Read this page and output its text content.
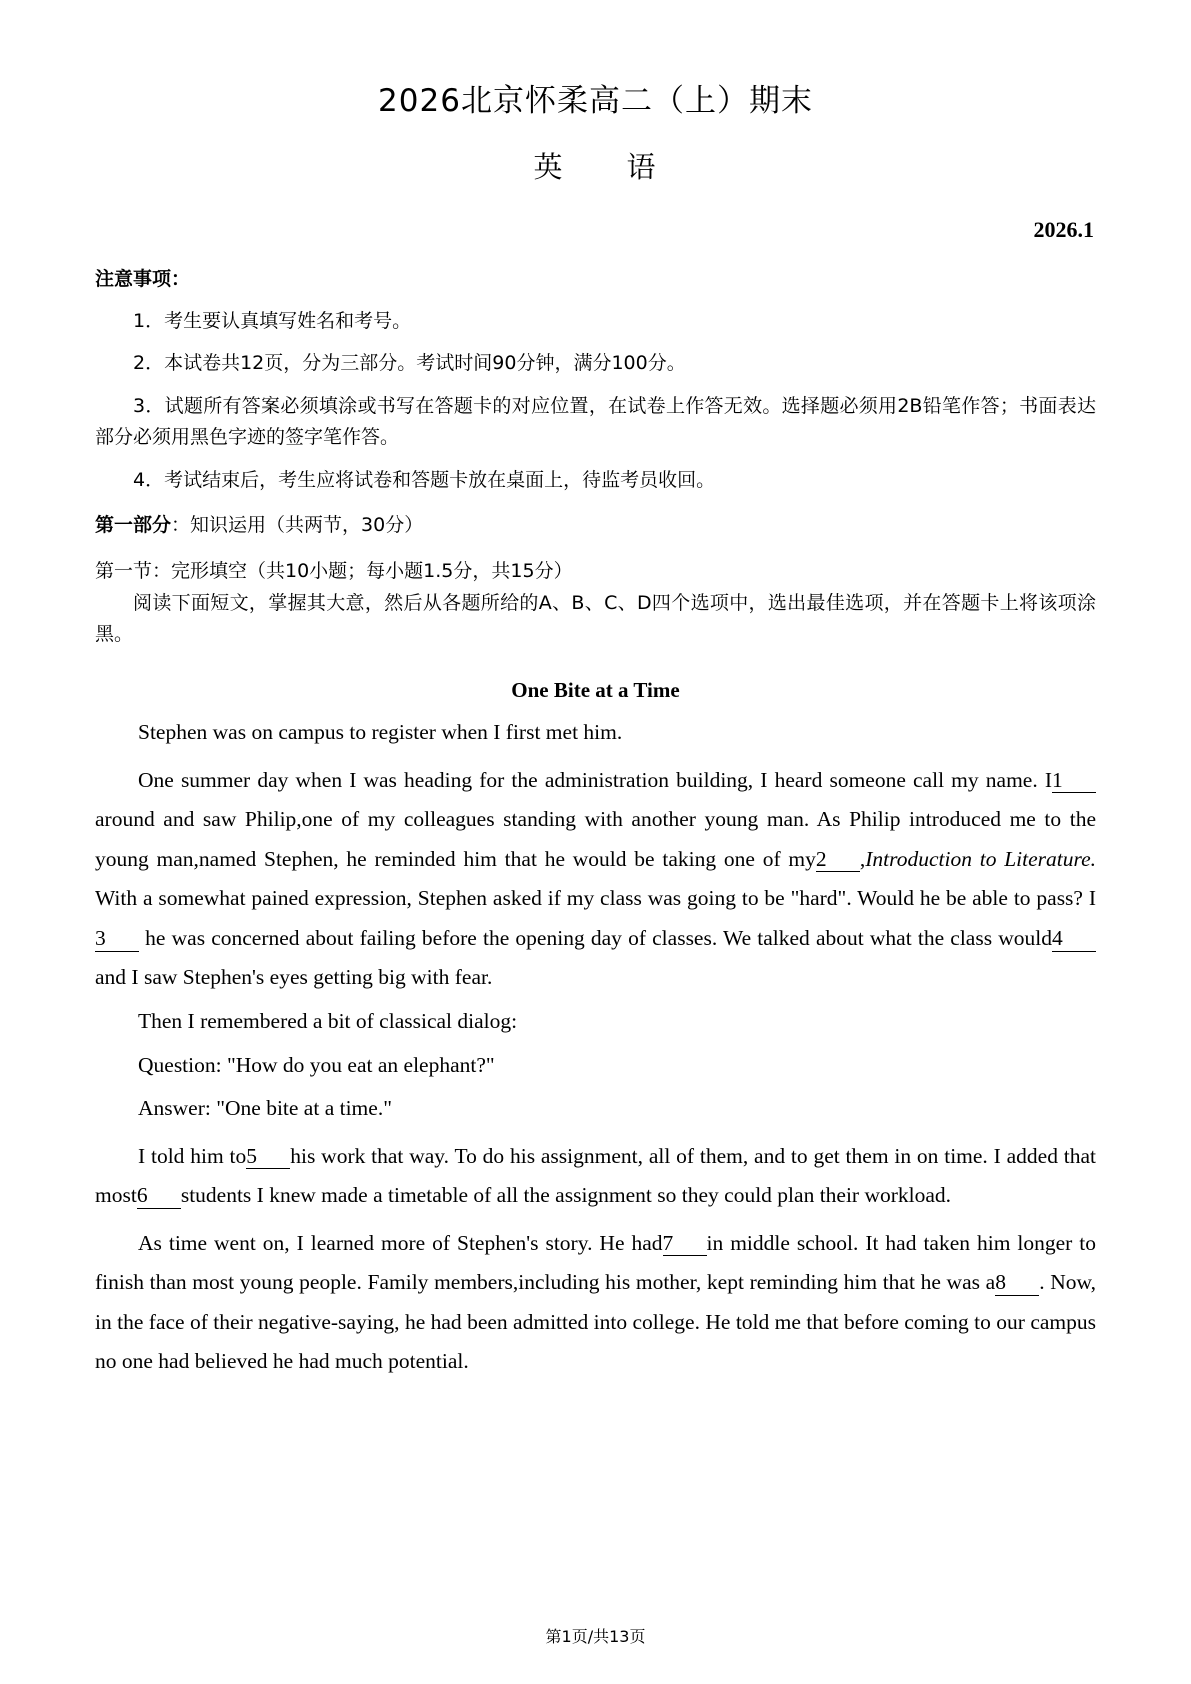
2026北京怀柔高二（上）期末
英　　语
2026.1
注意事项：

1．考生要认真填写姓名和考号。

2．本试卷共12页，分为三部分。考试时间90分钟，满分100分。

3．试题所有答案必须填涂或书写在答题卡的对应位置，在试卷上作答无效。选择题必须用2B铅笔作答；书面表达部分必须用黑色字迹的签字笔作答。

4．考试结束后，考生应将试卷和答题卡放在桌面上，待监考员收回。

第一部分：知识运用（共两节，30分）

第一节：完形填空（共10小题；每小题1.5分，共15分）

阅读下面短文，掌握其大意，然后从各题所给的A、B、C、D四个选项中，选出最佳选项，并在答题卡上将该项涂黑。

One Bite at a Time

Stephen was on campus to register when I first met him.

One summer day when I was heading for the administration building, I heard someone call my name. I1 around and saw Philip,one of my colleagues standing with another young man. As Philip introduced me to the young man,named Stephen, he reminded him that he would be taking one of my2 ,Introduction to Literature. With a somewhat pained expression, Stephen asked if my class was going to be "hard". Would he be able to pass? I3 he was concerned about failing before the opening day of classes. We talked about what the class would4 and I saw Stephen's eyes getting big with fear.

Then I remembered a bit of classical dialog:

Question: "How do you eat an elephant?"

Answer: "One bite at a time."

I told him to5 his work that way. To do his assignment, all of them, and to get them in on time. I added that most6 students I knew made a timetable of all the assignment so they could plan their workload.

As time went on, I learned more of Stephen's story. He had7 in middle school. It had taken him longer to finish than most young people. Family members,including his mother, kept reminding him that he was a8 . Now, in the face of their negative-saying, he had been admitted into college. He told me that before coming to our campus no one had believed he had much potential.

第1页/共13页
